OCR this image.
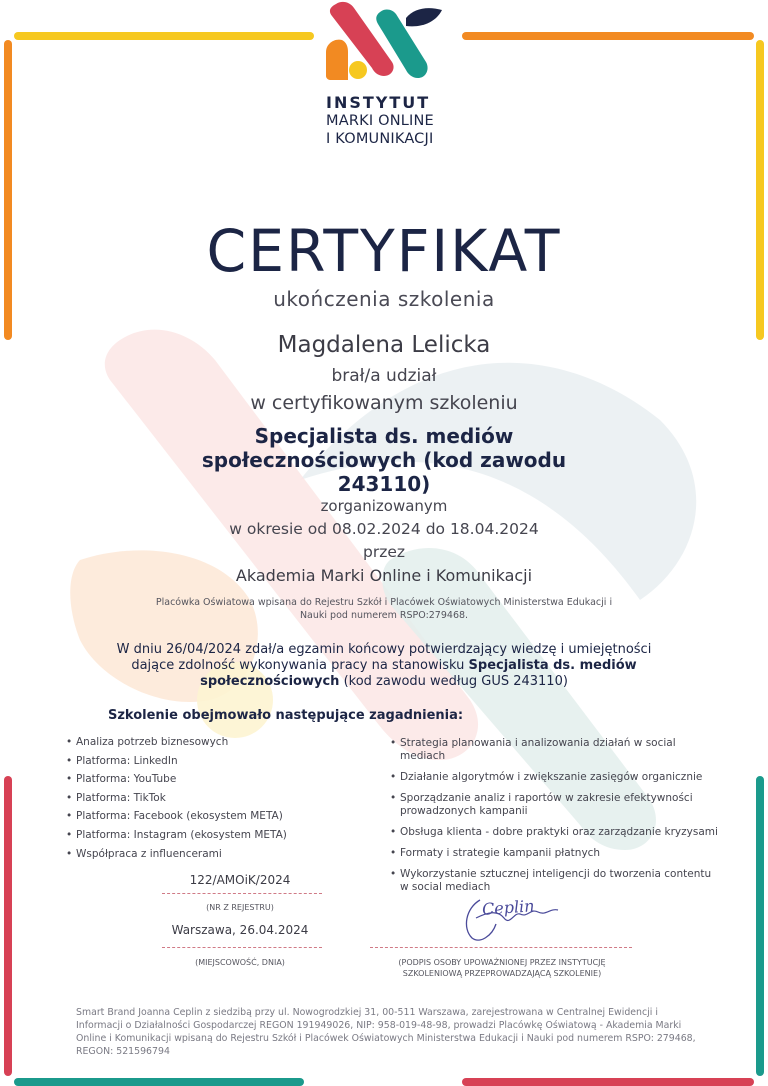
INSTYTUT
MARKI ONLINE
I KOMUNIKACJI
CERTYFIKAT
ukończenia szkolenia
Magdalena Lelicka
brał/a udział
w certyfikowanym szkoleniu
Specjalista ds. mediów
społecznościowych (kod zawodu
243110)
zorganizowanym
w okresie od 08.02.2024 do 18.04.2024
przez
Akademia Marki Online i Komunikacji
Placówka Oświatowa wpisana do Rejestru Szkół i Placówek Oświatowych Ministerstwa Edukacji i
Nauki pod numerem RSPO:279468.
W dniu 26/04/2024 zdał/a egzamin końcowy potwierdzający wiedzę i umiejętności
dające zdolność wykonywania pracy na stanowisku Specjalista ds. mediów
społecznościowych (kod zawodu według GUS 243110)
Szkolenie obejmowało następujące zagadnienia:
• Analiza potrzeb biznesowych
• Platforma: LinkedIn
• Platforma: YouTube
• Platforma: TikTok
• Platforma: Facebook (ekosystem META)
• Platforma: Instagram (ekosystem META)
• Współpraca z influencerami
• Strategia planowania i analizowania działań w social mediach
• Działanie algorytmów i zwiększanie zasięgów organicznie
• Sporządzanie analiz i raportów w zakresie efektywności prowadzonych kampanii
• Obsługa klienta - dobre praktyki oraz zarządzanie kryzysami
• Formaty i strategie kampanii płatnych
• Wykorzystanie sztucznej inteligencji do tworzenia contentu w social mediach
122/AMOiK/2024
(NR Z REJESTRU)
Warszawa, 26.04.2024
(MIEJSCOWOŚĆ, DNIA)
Ceplin
(PODPIS OSOBY UPOWAŻNIONEJ PRZEZ INSTYTUCJĘ
SZKOLENIOWĄ PRZEPROWADZAJĄCĄ SZKOLENIE)
Smart Brand Joanna Ceplin z siedzibą przy ul. Nowogrodzkiej 31, 00-511 Warszawa, zarejestrowana w Centralnej Ewidencji i Informacji o Działalności Gospodarczej REGON 191949026, NIP: 958-019-48-98, prowadzi Placówkę Oświatową - Akademia Marki Online i Komunikacji wpisaną do Rejestru Szkół i Placówek Oświatowych Ministerstwa Edukacji i Nauki pod numerem RSPO: 279468, REGON: 521596794
